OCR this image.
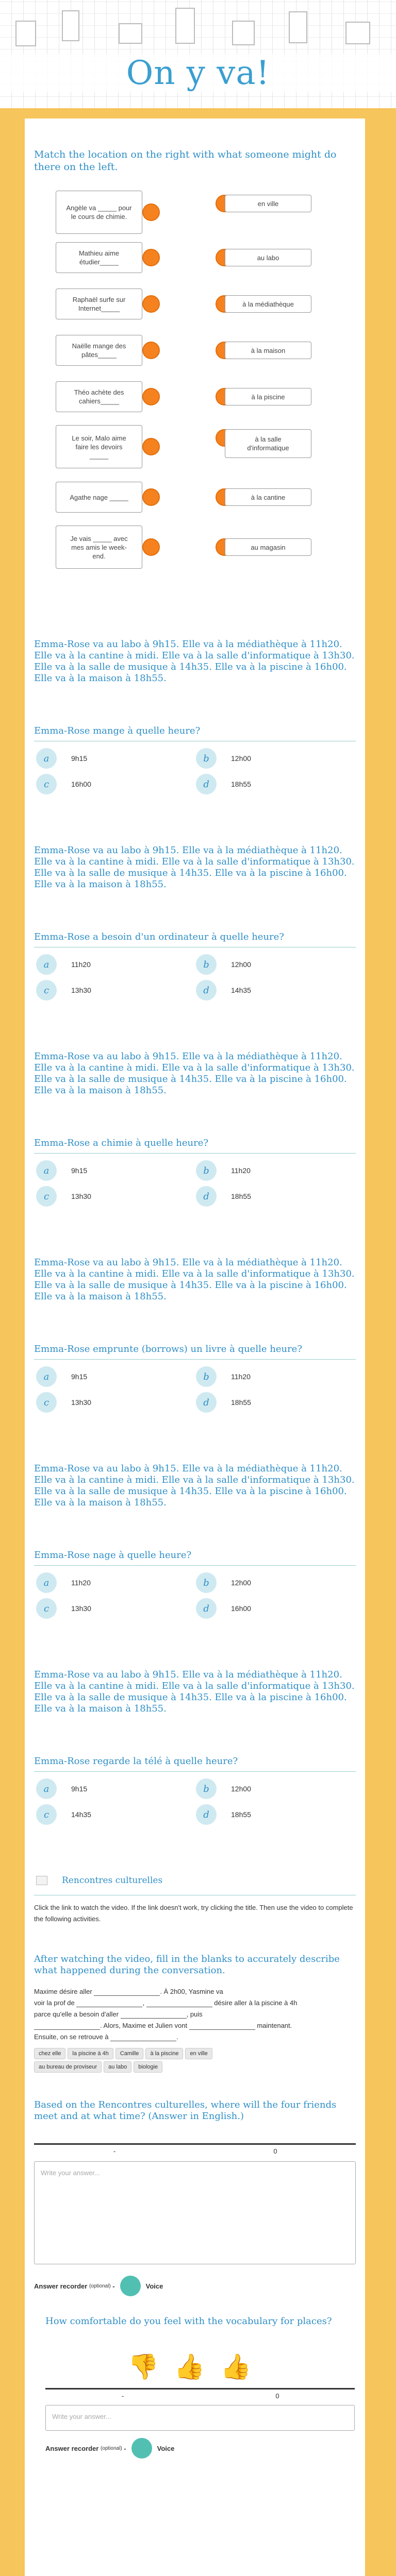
On y va!
Match the location on the right with what someone might do there on the left.
Angèle va _____ pour le cours de chimie.
en ville
Mathieu aime étudier_____
au labo
Raphaël surfe sur Internet_____
à la médiathèque
Naëlle mange des pâtes_____
à la maison
Théo achète des cahiers_____
à la piscine
Le soir, Malo aime faire les devoirs _____
à la salle d'informatique
Agathe nage _____	à la cantine
Je vais _____ avec mes amis le week-end.
au magasin
Emma-Rose va au labo à 9h15. Elle va à la médiathèque à 11h20. Elle va à la cantine à midi. Elle va à la salle d'informatique à 13h30. Elle va à la salle de musique à 14h35. Elle va à la piscine à 16h00. Elle va à la maison à 18h55.
Emma-Rose mange à quelle heure?
a	9h15	b	12h00
c	16h00	d	18h55
Emma-Rose va au labo à 9h15. Elle va à la médiathèque à 11h20. Elle va à la cantine à midi. Elle va à la salle d'informatique à 13h30. Elle va à la salle de musique à 14h35. Elle va à la piscine à 16h00. Elle va à la maison à 18h55.
Emma-Rose a besoin d'un ordinateur à quelle heure?
a	11h20	b	12h00
c	13h30	d	14h35
Emma-Rose va au labo à 9h15. Elle va à la médiathèque à 11h20. Elle va à la cantine à midi. Elle va à la salle d'informatique à 13h30. Elle va à la salle de musique à 14h35. Elle va à la piscine à 16h00. Elle va à la maison à 18h55.
Emma-Rose a chimie à quelle heure?
a	9h15	b	11h20
c	13h30	d	18h55
Emma-Rose va au labo à 9h15. Elle va à la médiathèque à 11h20. Elle va à la cantine à midi. Elle va à la salle d'informatique à 13h30. Elle va à la salle de musique à 14h35. Elle va à la piscine à 16h00. Elle va à la maison à 18h55.
Emma-Rose emprunte (borrows) un livre à quelle heure?
a	9h15	b	11h20
c	13h30	d	18h55
Emma-Rose va au labo à 9h15. Elle va à la médiathèque à 11h20. Elle va à la cantine à midi. Elle va à la salle d'informatique à 13h30. Elle va à la salle de musique à 14h35. Elle va à la piscine à 16h00. Elle va à la maison à 18h55.
Emma-Rose nage à quelle heure?
a	11h20	b	12h00
c	13h30	d	16h00
Emma-Rose va au labo à 9h15. Elle va à la médiathèque à 11h20. Elle va à la cantine à midi. Elle va à la salle d'informatique à 13h30. Elle va à la salle de musique à 14h35. Elle va à la piscine à 16h00. Elle va à la maison à 18h55.
Emma-Rose regarde la télé à quelle heure?
a	9h15	b	12h00
c	14h35	d	18h55
Rencontres culturelles
Click the link to watch the video. If the link doesn't work, try clicking the title. Then use the video to complete the following activities.
After watching the video, fill in the blanks to accurately describe what happened during the conversation.
Maxime désire aller	. À 2h00, Yasmine va
voir la prof de	,	désire aller à la piscine à 4h
parce qu'elle a besoin d'aller	, puis
. Alors, Maxime et Julien vont	maintenant.
Ensuite, on se retrouve à	.
chez elle la piscine à 4h Camille à la piscine en ville
au bureau de proviseur au labo biologie
Based on the Rencontres culturelles, where will the four friends meet and at what time? (Answer in English.)
-	0
Write your answer...
Answer recorder
(optional) -	Voice
How comfortable do you feel with the vocabulary for places?
👎 👍 👍
-	0
Write your answer...
Answer recorder
(optional) -	Voice
